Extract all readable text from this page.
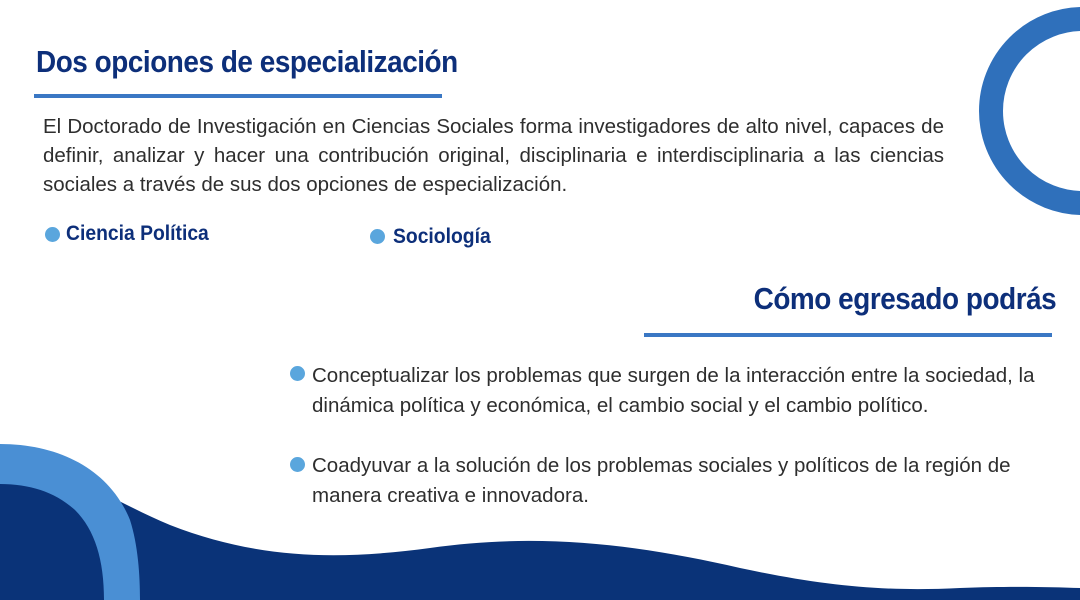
Dos opciones de especialización
El Doctorado de Investigación en Ciencias Sociales forma investigadores de alto nivel, capaces de definir, analizar y hacer una contribución original, disciplinaria e interdisciplinaria a las ciencias sociales a través de sus dos opciones de especialización.
Ciencia Política	Sociología
Cómo egresado podrás
Conceptualizar los problemas que surgen de la interacción entre la sociedad, la dinámica política y económica, el cambio social y el cambio político.
Coadyuvar a la solución de los problemas sociales y políticos de la región de manera creativa e innovadora.
